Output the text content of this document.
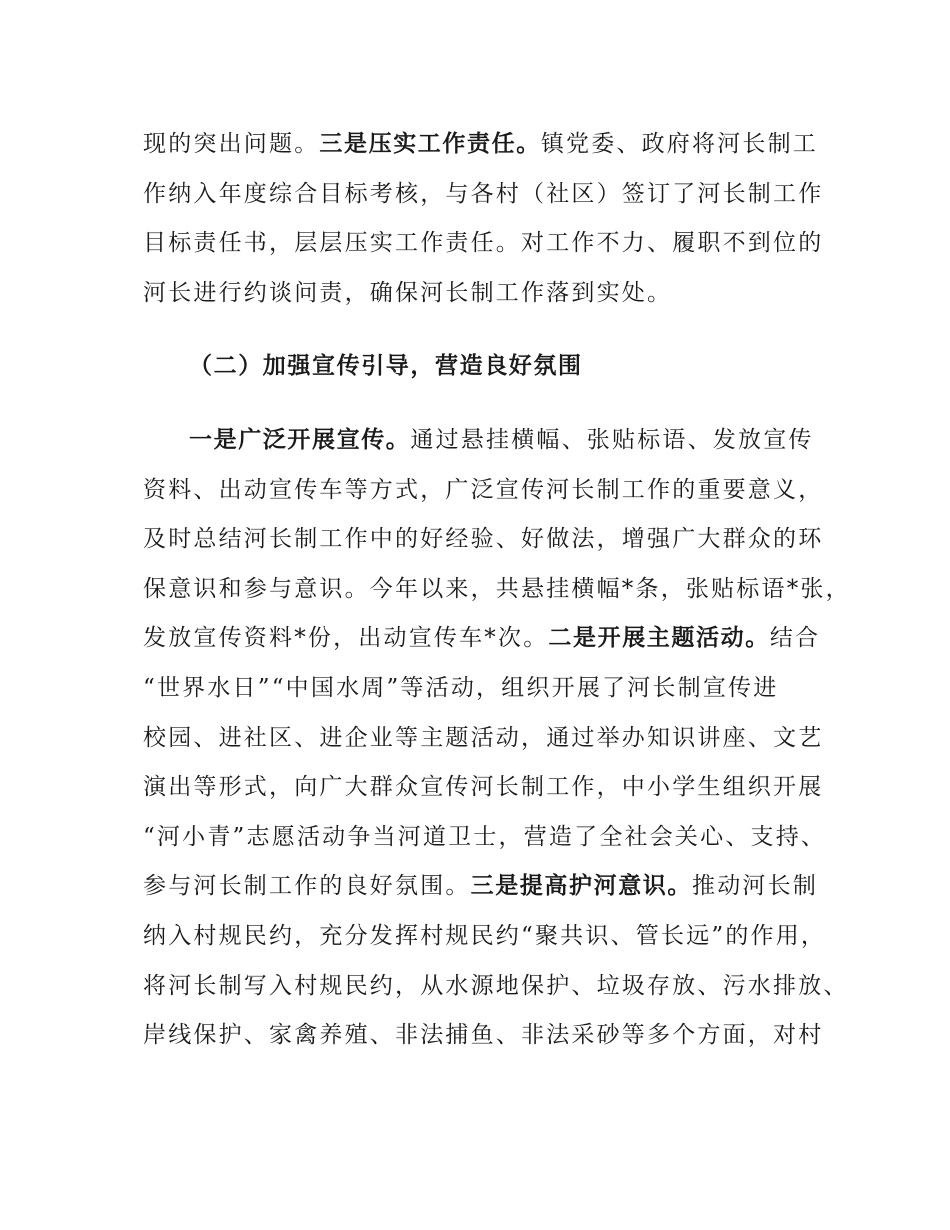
现的突出问题。三是压实工作责任。镇党委、政府将河长制工
作纳入年度综合目标考核，与各村（社区）签订了河长制工作
目标责任书，层层压实工作责任。对工作不力、履职不到位的
河长进行约谈问责，确保河长制工作落到实处。
（二）加强宣传引导，营造良好氛围
一是广泛开展宣传。通过悬挂横幅、张贴标语、发放宣传
资料、出动宣传车等方式，广泛宣传河长制工作的重要意义，
及时总结河长制工作中的好经验、好做法，增强广大群众的环
保意识和参与意识。今年以来，共悬挂横幅*条，张贴标语*张，
发放宣传资料*份，出动宣传车*次。二是开展主题活动。结合
“世界水日”“中国水周”等活动，组织开展了河长制宣传进
校园、进社区、进企业等主题活动，通过举办知识讲座、文艺
演出等形式，向广大群众宣传河长制工作，中小学生组织开展
“河小青”志愿活动争当河道卫士，营造了全社会关心、支持、
参与河长制工作的良好氛围。三是提高护河意识。推动河长制
纳入村规民约，充分发挥村规民约“聚共识、管长远”的作用，
将河长制写入村规民约，从水源地保护、垃圾存放、污水排放、
岸线保护、家禽养殖、非法捕鱼、非法采砂等多个方面，对村
